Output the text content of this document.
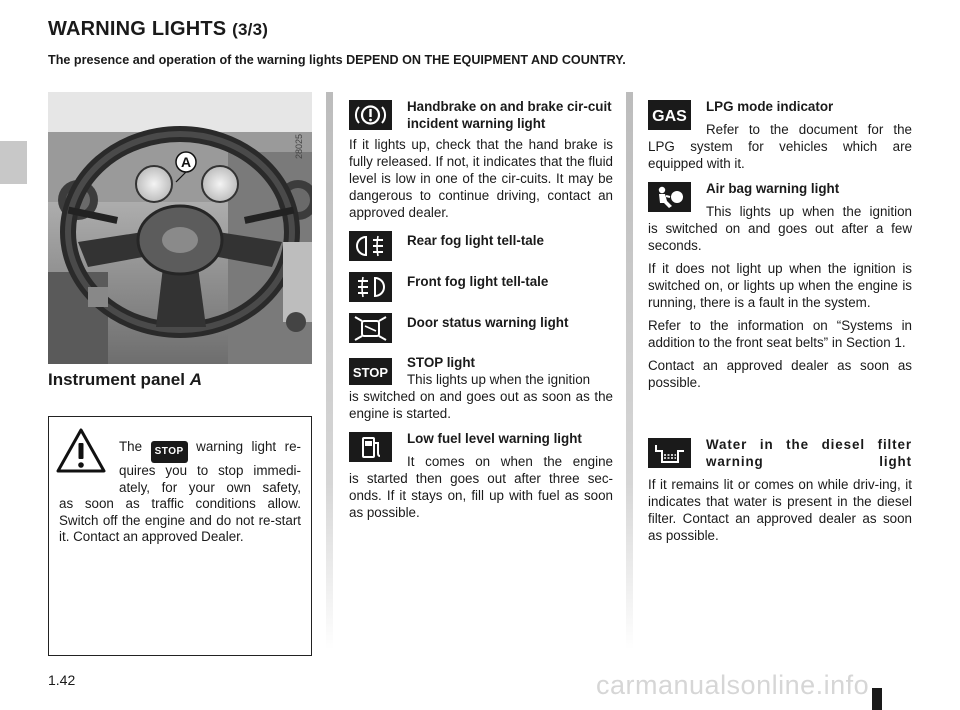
WARNING LIGHTS (3/3)
The presence and operation of the warning lights DEPEND ON THE EQUIPMENT AND COUNTRY.
A
28025
Instrument panel A
The STOP warning light re-
quires you to stop immedi-
ately, for your own safety,
as soon as traffic conditions allow. Switch off the engine and do not re-start it. Contact an approved Dealer.
Handbrake on and brake cir-cuit incident warning light
If it lights up, check that the hand brake is fully released. If not, it indicates that the fluid level is low in one of the cir-cuits. It may be dangerous to continue driving, contact an approved dealer.
Rear fog light tell-tale
Front fog light tell-tale
Door status warning light
STOP
STOP light
This lights up when the ignition
is switched on and goes out as soon as the engine is started.
Low fuel level warning light
It comes on when the engine
is started then goes out after three sec-onds. If it stays on, fill up with fuel as soon as possible.
GAS
LPG mode indicator
Refer to the document for the
LPG system for vehicles which are equipped with it.
Air bag warning light
This lights up when the ignition
is switched on and goes out after a few seconds.
If it does not light up when the ignition is switched on, or lights up when the engine is running, there is a fault in the system.
Refer to the information on “Systems in addition to the front seat belts” in Section 1.
Contact an approved dealer as soon as possible.
Water in the diesel filter warning light
If it remains lit or comes on while driv-ing, it indicates that water is present in the diesel filter. Contact an approved dealer as soon as possible.
1.42	carmanualsonline.info
